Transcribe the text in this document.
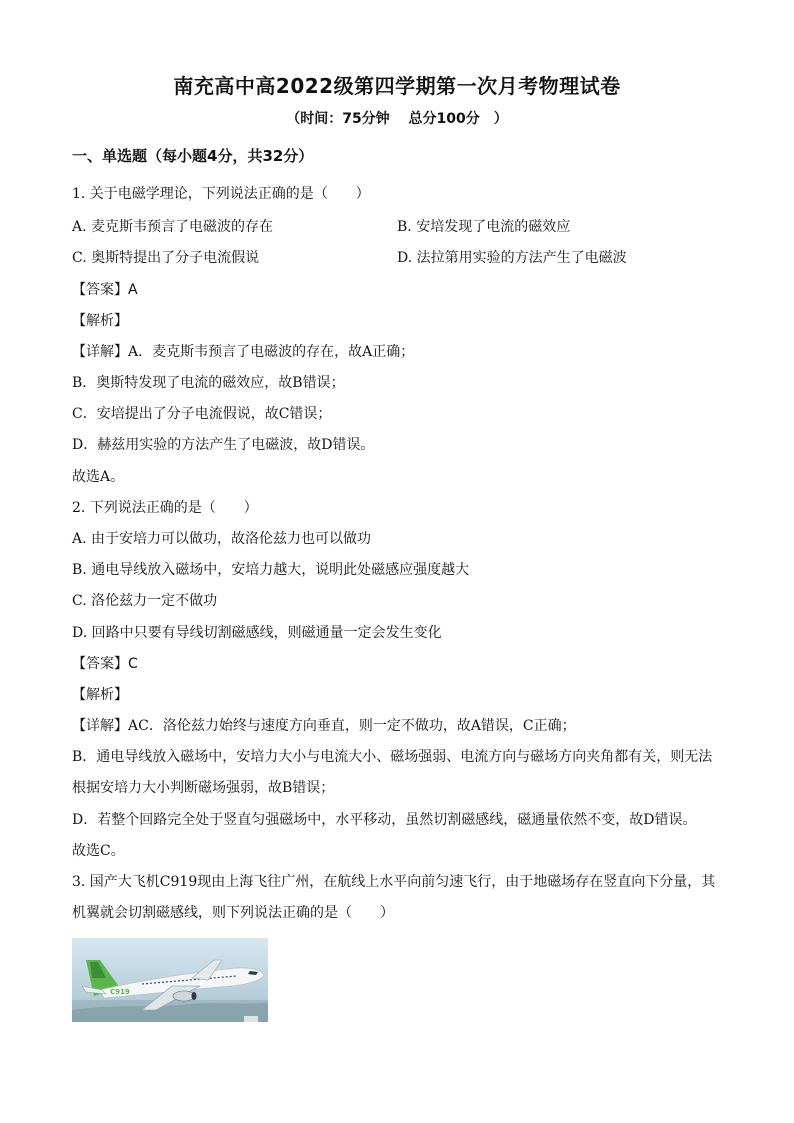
南充高中高2022级第四学期第一次月考物理试卷
（时间：75分钟　 总分100分　）
一、单选题（每小题4分，共32分）
1. 关于电磁学理论，下列说法正确的是（　　）
A. 麦克斯韦预言了电磁波的存在	B. 安培发现了电流的磁效应
C. 奥斯特提出了分子电流假说	D. 法拉第用实验的方法产生了电磁波
【答案】A
【解析】
【详解】A．麦克斯韦预言了电磁波的存在，故A正确；
B．奥斯特发现了电流的磁效应，故B错误；
C．安培提出了分子电流假说，故C错误；
D．赫兹用实验的方法产生了电磁波，故D错误。
故选A。
2. 下列说法正确的是（　　）
A. 由于安培力可以做功，故洛伦兹力也可以做功
B. 通电导线放入磁场中，安培力越大，说明此处磁感应强度越大
C. 洛伦兹力一定不做功
D. 回路中只要有导线切割磁感线，则磁通量一定会发生变化
【答案】C
【解析】
【详解】AC．洛伦兹力始终与速度方向垂直，则一定不做功，故A错误，C正确；
B．通电导线放入磁场中，安培力大小与电流大小、磁场强弱、电流方向与磁场方向夹角都有关，则无法
根据安培力大小判断磁场强弱，故B错误；
D．若整个回路完全处于竖直匀强磁场中，水平移动，虽然切割磁感线，磁通量依然不变，故D错误。
故选C。
3. 国产大飞机C919现由上海飞往广州，在航线上水平向前匀速飞行，由于地磁场存在竖直向下分量，其
机翼就会切割磁感线，则下列说法正确的是（　　）
C919
